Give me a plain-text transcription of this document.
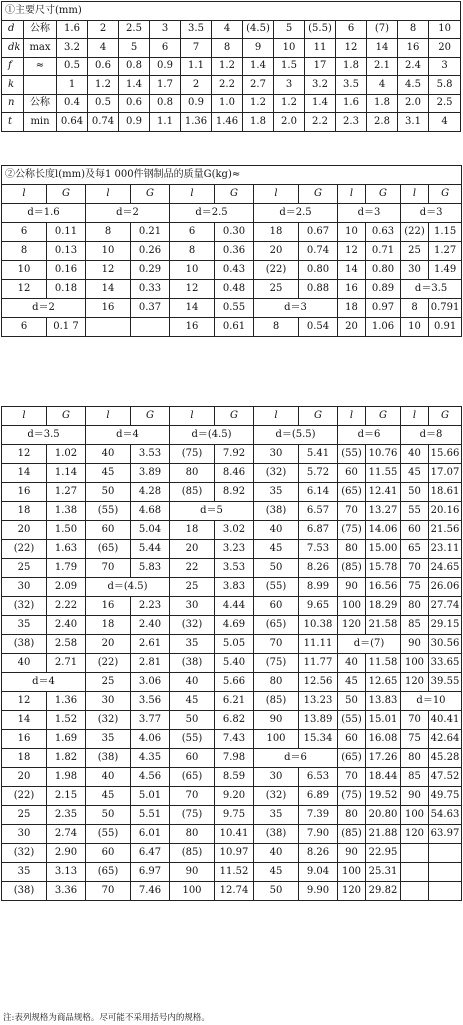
①主要尺寸(mm)														
d	公称	1.6	2	2.5	3	3.5	4	(4.5)	5	(5.5)	6	(7)	8	10
dk	max	3.2	4	5	6	7	8	9	10	11	12	14	16	20
f	≈	0.5	0.6	0.8	0.9	1.1	1.2	1.4	1.5	17	1.8	2.1	2.4	3
k		1	1.2	1.4	1.7	2	2.2	2.7	3	3.2	3.5	4	4.5	5.8
n	公称	0.4	0.5	0.6	0.8	0.9	1.0	1.2	1.2	1.4	1.6	1.8	2.0	2.5
t	min	0.64	0.74	0.9	1.1	1.36	1.46	1.8	2.0	2.2	2.3	2.8	3.1	4
②公称长度l(mm)及每1 000件钢制品的质量G(kg)≈											
l	G	l	G	l	G	l	G	l	G	l	G
d＝1.6		d＝2		d＝2.5		d＝2.5		d＝3		d＝3	
6	0.11	8	0.21	6	0.30	18	0.67	10	0.63	(22)	1.15
8	0.13	10	0.26	8	0.36	20	0.74	12	0.71	25	1.27
10	0.16	12	0.29	10	0.43	(22)	0.80	14	0.80	30	1.49
12	0.18	14	0.33	12	0.48	25	0.88	16	0.89	d＝3.5	
d＝2		16	0.37	14	0.55	d＝3		18	0.97	8	0.791
6	0.1 7			16	0.61	8	0.54	20	1.06	10	0.91
l	G	l	G	l	G	l	G	l	G	l	G
d＝3.5		d＝4		d＝(4.5)		d＝(5.5)		d＝6		d＝8	
12	1.02	40	3.53	(75)	7.92	30	5.41	(55)	10.76	40	15.66
14	1.14	45	3.89	80	8.46	(32)	5.72	60	11.55	45	17.07
16	1.27	50	4.28	(85)	8.92	35	6.14	(65)	12.41	50	18.61
18	1.38	(55)	4.68	d＝5		(38)	6.57	70	13.27	55	20.16
20	1.50	60	5.04	18	3.02	40	6.87	(75)	14.06	60	21.56
(22)	1.63	(65)	5.44	20	3.23	45	7.53	80	15.00	65	23.11
25	1.79	70	5.83	22	3.53	50	8.26	(85)	15.78	70	24.65
30	2.09	d＝(4.5)		25	3.83	(55)	8.99	90	16.56	75	26.06
(32)	2.22	16	2.23	30	4.44	60	9.65	100	18.29	80	27.74
35	2.40	18	2.40	(32)	4.69	(65)	10.38	120	21.58	85	29.15
(38)	2.58	20	2.61	35	5.05	70	11.11	d＝(7)		90	30.56
40	2.71	(22)	2.81	(38)	5.40	(75)	11.77	40	11.58	100	33.65
d＝4		25	3.06	40	5.66	80	12.56	45	12.65	120	39.55
12	1.36	30	3.56	45	6.21	(85)	13.23	50	13.83	d＝10	
14	1.52	(32)	3.77	50	6.82	90	13.89	(55)	15.01	70	40.41
16	1.69	35	4.06	(55)	7.43	100	15.34	60	16.08	75	42.64
18	1.82	(38)	4.35	60	7.98	d＝6		(65)	17.26	80	45.28
20	1.98	40	4.56	(65)	8.59	30	6.53	70	18.44	85	47.52
(22)	2.15	45	5.01	70	9.20	(32)	6.89	(75)	19.52	90	49.75
25	2.35	50	5.51	(75)	9.75	35	7.39	80	20.80	100	54.63
30	2.74	(55)	6.01	80	10.41	(38)	7.90	(85)	21.88	120	63.97
(32)	2.90	60	6.47	(85)	10.97	40	8.26	90	22.95		
35	3.13	(65)	6.97	90	11.52	45	9.04	100	25.31		
(38)	3.36	70	7.46	100	12.74	50	9.90	120	29.82		
注:表列规格为商品规格。尽可能不采用括号内的规格。
